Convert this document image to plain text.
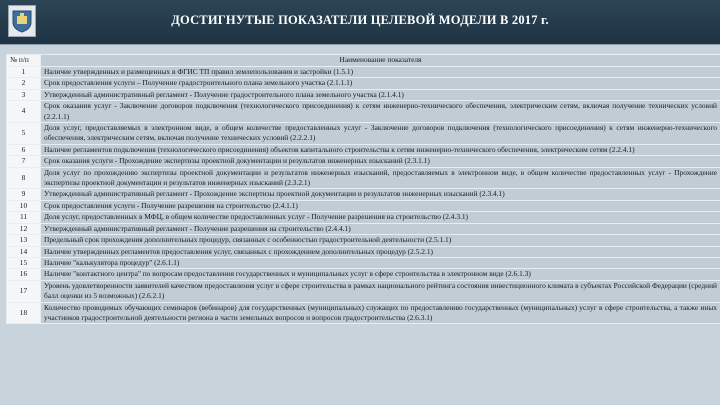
ДОСТИГНУТЫЕ ПОКАЗАТЕЛИ ЦЕЛЕВОЙ МОДЕЛИ В 2017 г.
№ п/п	Наименование показателя
1	Наличие утвержденных и размещенных в ФГИС ТП правил землепользования и застройки (1.5.1)
2	Срок предоставления услуги – Получение градостроительного плана земельного участка (2.1.1.1)
3	Утвержденный административный регламент - Получение градостроительного плана земельного участка (2.1.4.1)
4	Срок оказания услуг - Заключение договоров подключения (технологического присоединения) к сетям инженерно-технического обеспечения, электрическим сетям, включая получение технических условий (2.2.1.1)
5	Доля услуг, предоставляемых в электронном виде, в общем количестве предоставленных услуг - Заключение договоров подключения (технологического присоединения) к сетям инженерно-технического обеспечения, электрическим сетям, включая получение технических условий (2.2.2.1)
6	Наличие регламентов подключения (технологического присоединения) объектов капитального строительства к сетям инженерно-технического обеспечения, электрическим сетям (2.2.4.1)
7	Срок оказания услуги - Прохождение экспертизы проектной документации и результатов инженерных изысканий (2.3.1.1)
8	Доля услуг по прохождению экспертизы проектной документации и результатов инженерных изысканий, предоставляемых в электронном виде, в общем количестве предоставленных услуг - Прохождение экспертизы проектной документации и результатов инженерных изысканий (2.3.2.1)
9	Утвержденный административный регламент - Прохождение экспертизы проектной документации и результатов инженерных изысканий (2.3.4.1)
10	Срок предоставления услуги - Получение разрешения на строительство (2.4.1.1)
11	Доля услуг, предоставленных в МФЦ, в общем количестве предоставленных услуг - Получение разрешения на строительство (2.4.3.1)
12	Утвержденный административный регламент - Получение разрешения на строительство (2.4.4.1)
13	Предельный срок прохождения дополнительных процедур, связанных с особенностью градостроительной деятельности (2.5.1.1)
14	Наличие утвержденных регламентов предоставления услуг, связанных с прохождением дополнительных процедур (2.5.2.1)
15	Наличие "калькулятора процедур" (2.6.1.1)
16	Наличие "контактного центра" по вопросам предоставления государственных и муниципальных услуг в сфере строительства в электронном виде (2.6.1.3)
17	Уровень удовлетворенности заявителей качеством предоставления услуг в сфере строительства в рамках национального рейтинга состояния инвестиционного климата в субъектах Российской Федерации (средний балл оценки из 5 возможных) (2.6.2.1)
18	Количество проводимых обучающих семинаров (вебинаров) для государственных (муниципальных) служащих по предоставлению государственных (муниципальных) услуг в сфере строительства, а также иных участников градостроительной деятельности региона в части земельных вопросов и вопросов градостроительства (2.6.3.1)
